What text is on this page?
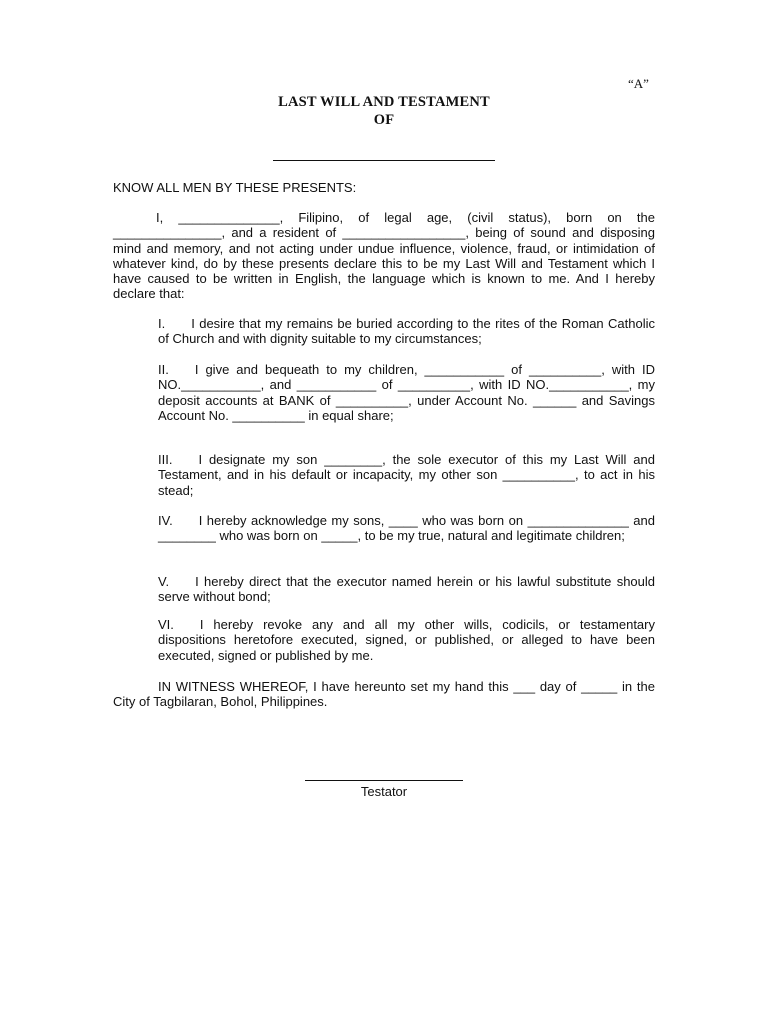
“A”
LAST WILL AND TESTAMENT
OF
KNOW ALL MEN BY THESE PRESENTS:
I, ______________, Filipino, of legal age, (civil status), born on the _______________, and a resident of _________________, being of sound and disposing mind and memory, and not acting under undue influence, violence, fraud, or intimidation of whatever kind, do by these presents declare this to be my Last Will and Testament which I have caused to be written in English, the language which is known to me. And I hereby declare that:
I.  I desire that my remains be buried according to the rites of the Roman Catholic of Church and with dignity suitable to my circumstances;
II.  I give and bequeath to my children, ___________ of __________, with ID NO.___________, and ___________ of __________, with ID NO.___________, my deposit accounts at BANK of __________, under Account No. ______ and Savings Account No. __________ in equal share;
III.  I designate my son ________, the sole executor of this my Last Will and Testament, and in his default or incapacity, my other son __________, to act in his stead;
IV.  I hereby acknowledge my sons, ____ who was born on ______________ and ________ who was born on _____, to be my true, natural and legitimate children;
V.  I hereby direct that the executor named herein or his lawful substitute should serve without bond;
VI.  I hereby revoke any and all my other wills, codicils, or testamentary dispositions heretofore executed, signed, or published, or alleged to have been executed, signed or published by me.
IN WITNESS WHEREOF, I have hereunto set my hand this ___ day of _____ in the City of Tagbilaran, Bohol, Philippines.
Testator
